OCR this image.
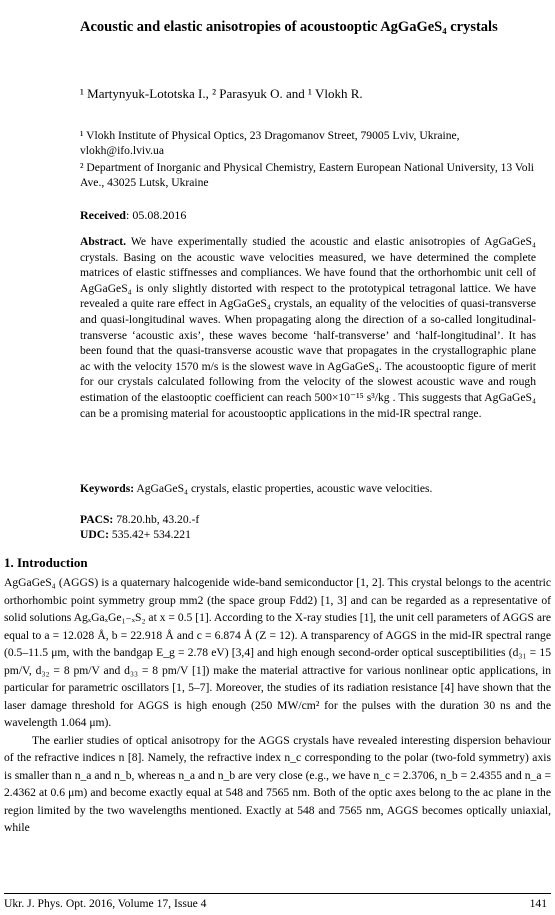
Acoustic and elastic anisotropies of acoustooptic AgGaGeS₄ crystals
¹ Martynyuk-Lototska I., ² Parasyuk O. and ¹ Vlokh R.
¹ Vlokh Institute of Physical Optics, 23 Dragomanov Street, 79005 Lviv, Ukraine, vlokh@ifo.lviv.ua
² Department of Inorganic and Physical Chemistry, Eastern European National University, 13 Voli Ave., 43025 Lutsk, Ukraine
Received: 05.08.2016
Abstract. We have experimentally studied the acoustic and elastic anisotropies of AgGaGeS₄ crystals. Basing on the acoustic wave velocities measured, we have determined the complete matrices of elastic stiffnesses and compliances. We have found that the orthorhombic unit cell of AgGaGeS₄ is only slightly distorted with respect to the prototypical tetragonal lattice. We have revealed a quite rare effect in AgGaGeS₄ crystals, an equality of the velocities of quasi-transverse and quasi-longitudinal waves. When propagating along the direction of a so-called longitudinal-transverse ‘acoustic axis’, these waves become ‘half-transverse’ and ‘half-longitudinal’. It has been found that the quasi-transverse acoustic wave that propagates in the crystallographic plane ac with the velocity 1570 m/s is the slowest wave in AgGaGeS₄. The acoustooptic figure of merit for our crystals calculated following from the velocity of the slowest acoustic wave and rough estimation of the elastooptic coefficient can reach 500×10⁻¹⁵ s³/kg . This suggests that AgGaGeS₄ can be a promising material for acoustooptic applications in the mid-IR spectral range.
Keywords: AgGaGeS₄ crystals, elastic properties, acoustic wave velocities.
PACS: 78.20.hb, 43.20.-f
UDC: 535.42+ 534.221
1. Introduction

AgGaGeS₄ (AGGS) is a quaternary halcogenide wide-band semiconductor [1, 2]. This crystal belongs to the acentric orthorhombic point symmetry group mm2 (the space group Fdd2) [1, 3] and can be regarded as a representative of solid solutions AgₓGaₓGe₁₋ₓS₂ at x = 0.5 [1]. According to the X-ray studies [1], the unit cell parameters of AGGS are equal to a = 12.028 Å, b = 22.918 Å and c = 6.874 Å (Z = 12). A transparency of AGGS in the mid-IR spectral range (0.5–11.5 μm, with the bandgap E_g = 2.78 eV) [3,4] and high enough second-order optical susceptibilities (d₃₁ = 15 pm/V, d₃₂ = 8 pm/V and d₃₃ = 8 pm/V [1]) make the material attractive for various nonlinear optic applications, in particular for parametric oscillators [1, 5–7]. Moreover, the studies of its radiation resistance [4] have shown that the laser damage threshold for AGGS is high enough (250 MW/cm² for the pulses with the duration 30 ns and the wavelength 1.064 μm).

The earlier studies of optical anisotropy for the AGGS crystals have revealed interesting dispersion behaviour of the refractive indices n [8]. Namely, the refractive index n_c corresponding to the polar (two-fold symmetry) axis is smaller than n_a and n_b, whereas n_a and n_b are very close (e.g., we have n_c = 2.3706, n_b = 2.4355 and n_a = 2.4362 at 0.6 μm) and become exactly equal at 548 and 7565 nm. Both of the optic axes belong to the ac plane in the region limited by the two wavelengths mentioned. Exactly at 548 and 7565 nm, AGGS becomes optically uniaxial, while

Ukr. J. Phys. Opt. 2016, Volume 17, Issue 4	141
